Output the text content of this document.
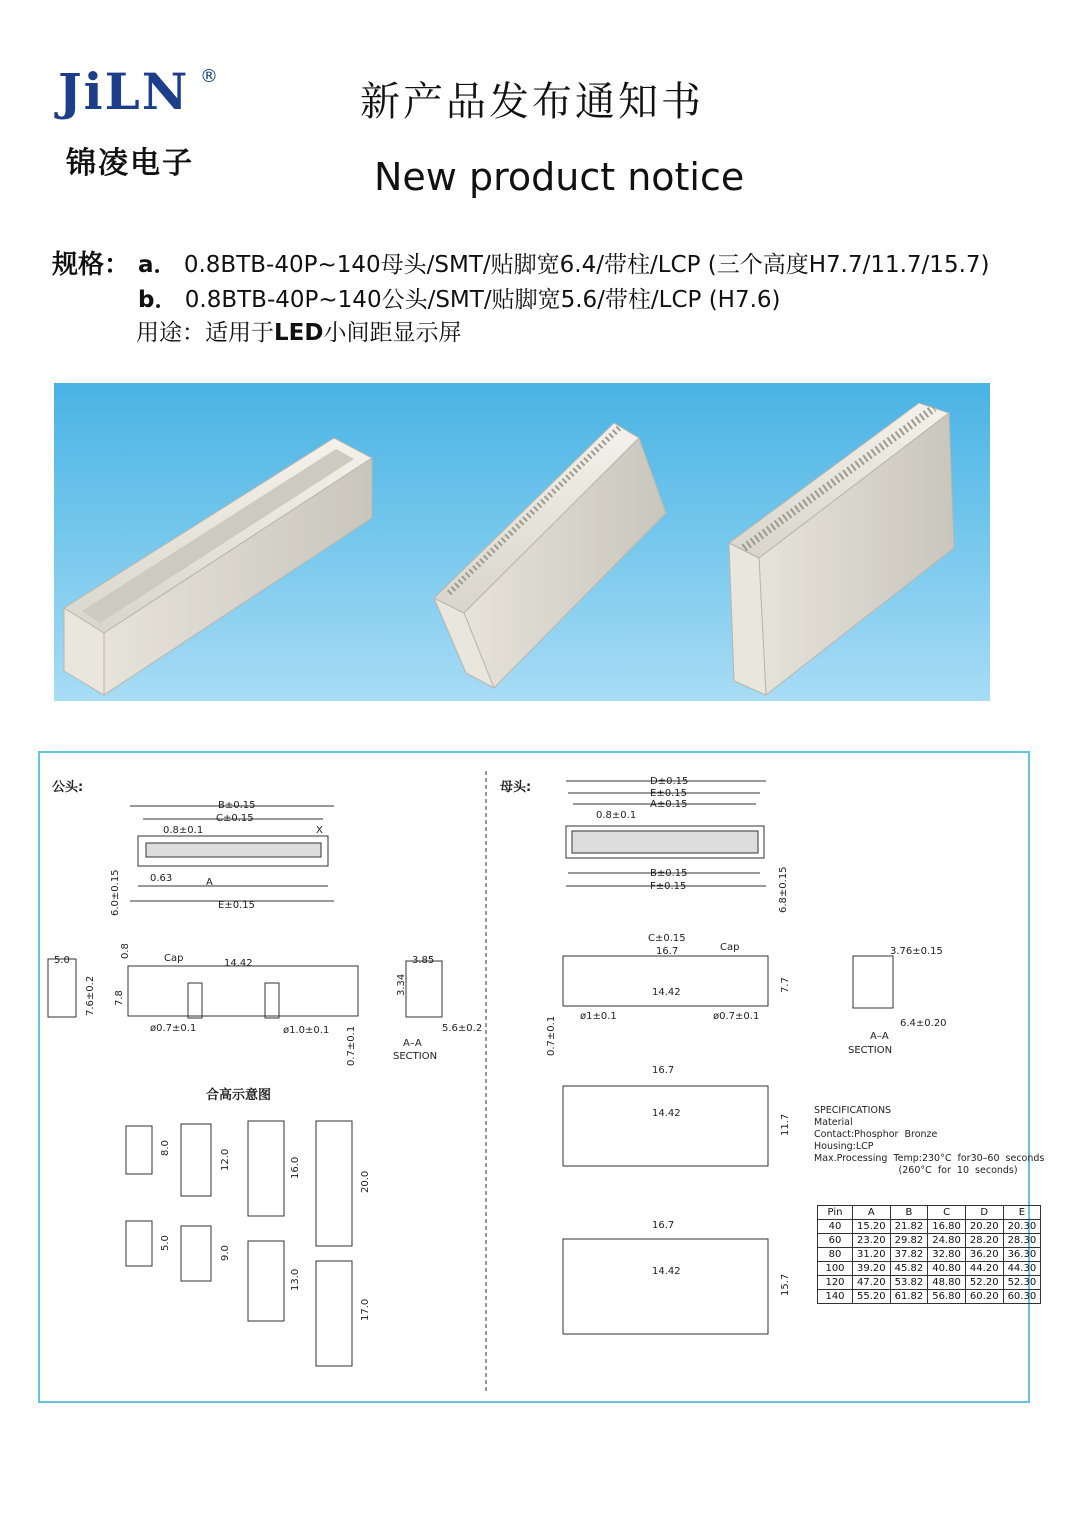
JiLN ®
锦凌电子
新产品发布通知书
New product notice
规格： a． 0.8BTB-40P~140母头/SMT/贴脚宽6.4/带柱/LCP (三个高度H7.7/11.7/15.7)
b． 0.8BTB-40P~140公头/SMT/贴脚宽5.6/带柱/LCP (H7.6)
用途：适用于LED小间距显示屏
公头:
A
B±0.15
C±0.15
0.8±0.1	X
0.63
E±0.15
6.0±0.15
5.0
7.6±0.2 7.8
0.8	Cap	14.42
ø0.7±0.1	ø1.0±0.1 0.7±0.1
3.85
3.34
5.6±0.2
A–A
SECTION
合高示意图
8.0
12.0	16.0
20.0
5.0
9.0
13.0
17.0
母头:	D±0.15
E±0.15
A±0.15
0.8±0.1
B±0.15
F±0.15	6.8±0.15
C±0.15
16.7	Cap
14.42	7.7
ø1±0.1	ø0.7±0.1
0.7±0.1
3.76±0.15
6.4±0.20
A–A
SECTION
16.7
14.42
11.7
16.7
14.42
15.7
SPECIFICATIONS
Material
Contact:Phosphor  Bronze
Housing:LCP
Max.Processing  Temp:230°C  for30–60  seconds
(260°C  for  10  seconds)
Pin	A	B	C	D	E
40	15.20	21.82	16.80	20.20	20.30
60	23.20	29.82	24.80	28.20	28.30
80	31.20	37.82	32.80	36.20	36.30
100	39.20	45.82	40.80	44.20	44.30
120	47.20	53.82	48.80	52.20	52.30
140	55.20	61.82	56.80	60.20	60.30
